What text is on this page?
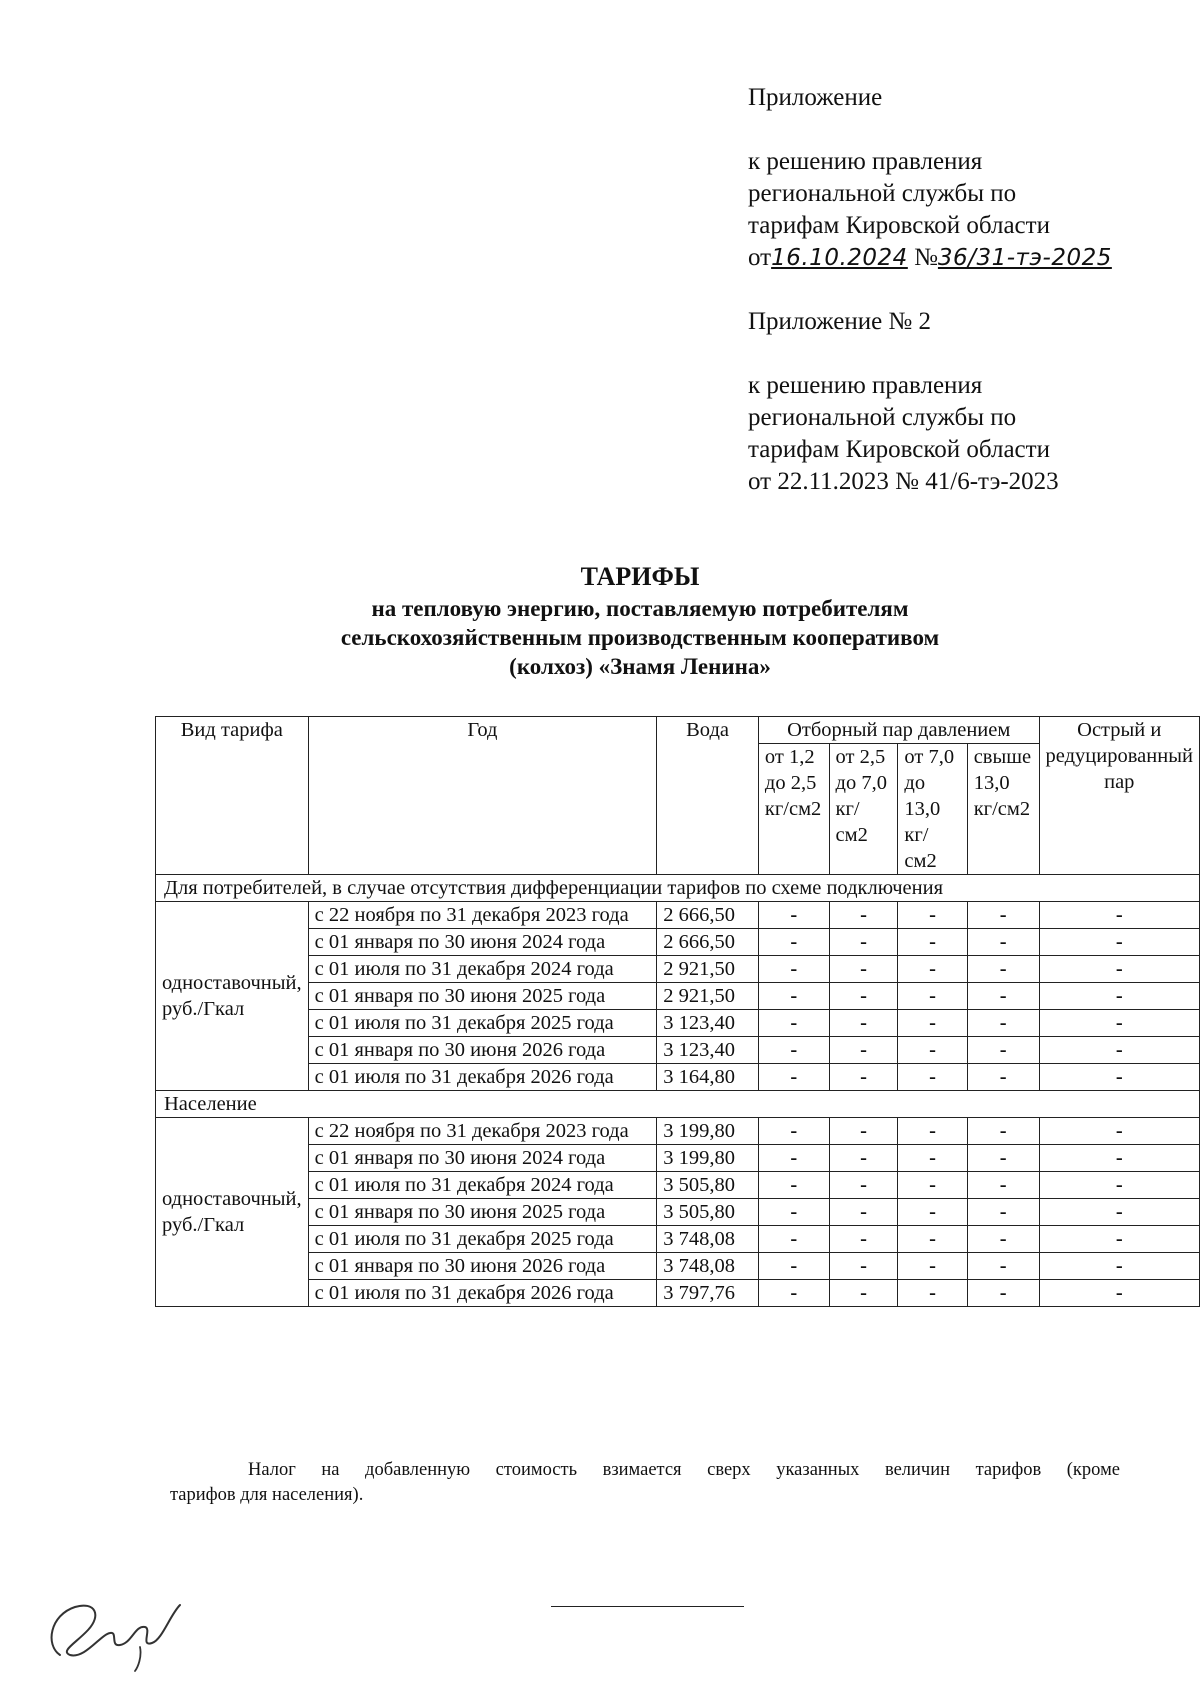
Приложение

к решению правления

региональной службы по

тарифам Кировской области

от16.10.2024 №36/31-тэ-2025

Приложение № 2

к решению правления

региональной службы по

тарифам Кировской области

от 22.11.2023 № 41/6-тэ-2023

ТАРИФЫ
на тепловую энергию, поставляемую потребителям
сельскохозяйственным производственным кооперативом
(колхоз) «Знамя Ленина»
Вид тарифа	Год	Вода	Отборный пар давлением				Острый и редуцированный пар
			от 1,2 до 2,5 кг/см2	от 2,5 до 7,0 кг/см2	от 7,0 до 13,0 кг/см2	свыше 13,0 кг/см2	
Для потребителей, в случае отсутствия дифференциации тарифов по схеме подключения							
одноставочный, руб./Гкал	с 22 ноября по 31 декабря 2023 года	2 666,50	-	-	-	-	-
	с 01 января по 30 июня 2024 года	2 666,50	-	-	-	-	-
	с 01 июля по 31 декабря 2024 года	2 921,50	-	-	-	-	-
	с 01 января по 30 июня 2025 года	2 921,50	-	-	-	-	-
	с 01 июля по 31 декабря 2025 года	3 123,40	-	-	-	-	-
	с 01 января по 30 июня 2026 года	3 123,40	-	-	-	-	-
	с 01 июля по 31 декабря 2026 года	3 164,80	-	-	-	-	-
Население							
одноставочный, руб./Гкал	с 22 ноября по 31 декабря 2023 года	3 199,80	-	-	-	-	-
	с 01 января по 30 июня 2024 года	3 199,80	-	-	-	-	-
	с 01 июля по 31 декабря 2024 года	3 505,80	-	-	-	-	-
	с 01 января по 30 июня 2025 года	3 505,80	-	-	-	-	-
	с 01 июля по 31 декабря 2025 года	3 748,08	-	-	-	-	-
	с 01 января по 30 июня 2026 года	3 748,08	-	-	-	-	-
	с 01 июля по 31 декабря 2026 года	3 797,76	-	-	-	-	-

Налог на добавленную стоимость взимается сверх указанных величин тарифов (кроме

тарифов для населения).
